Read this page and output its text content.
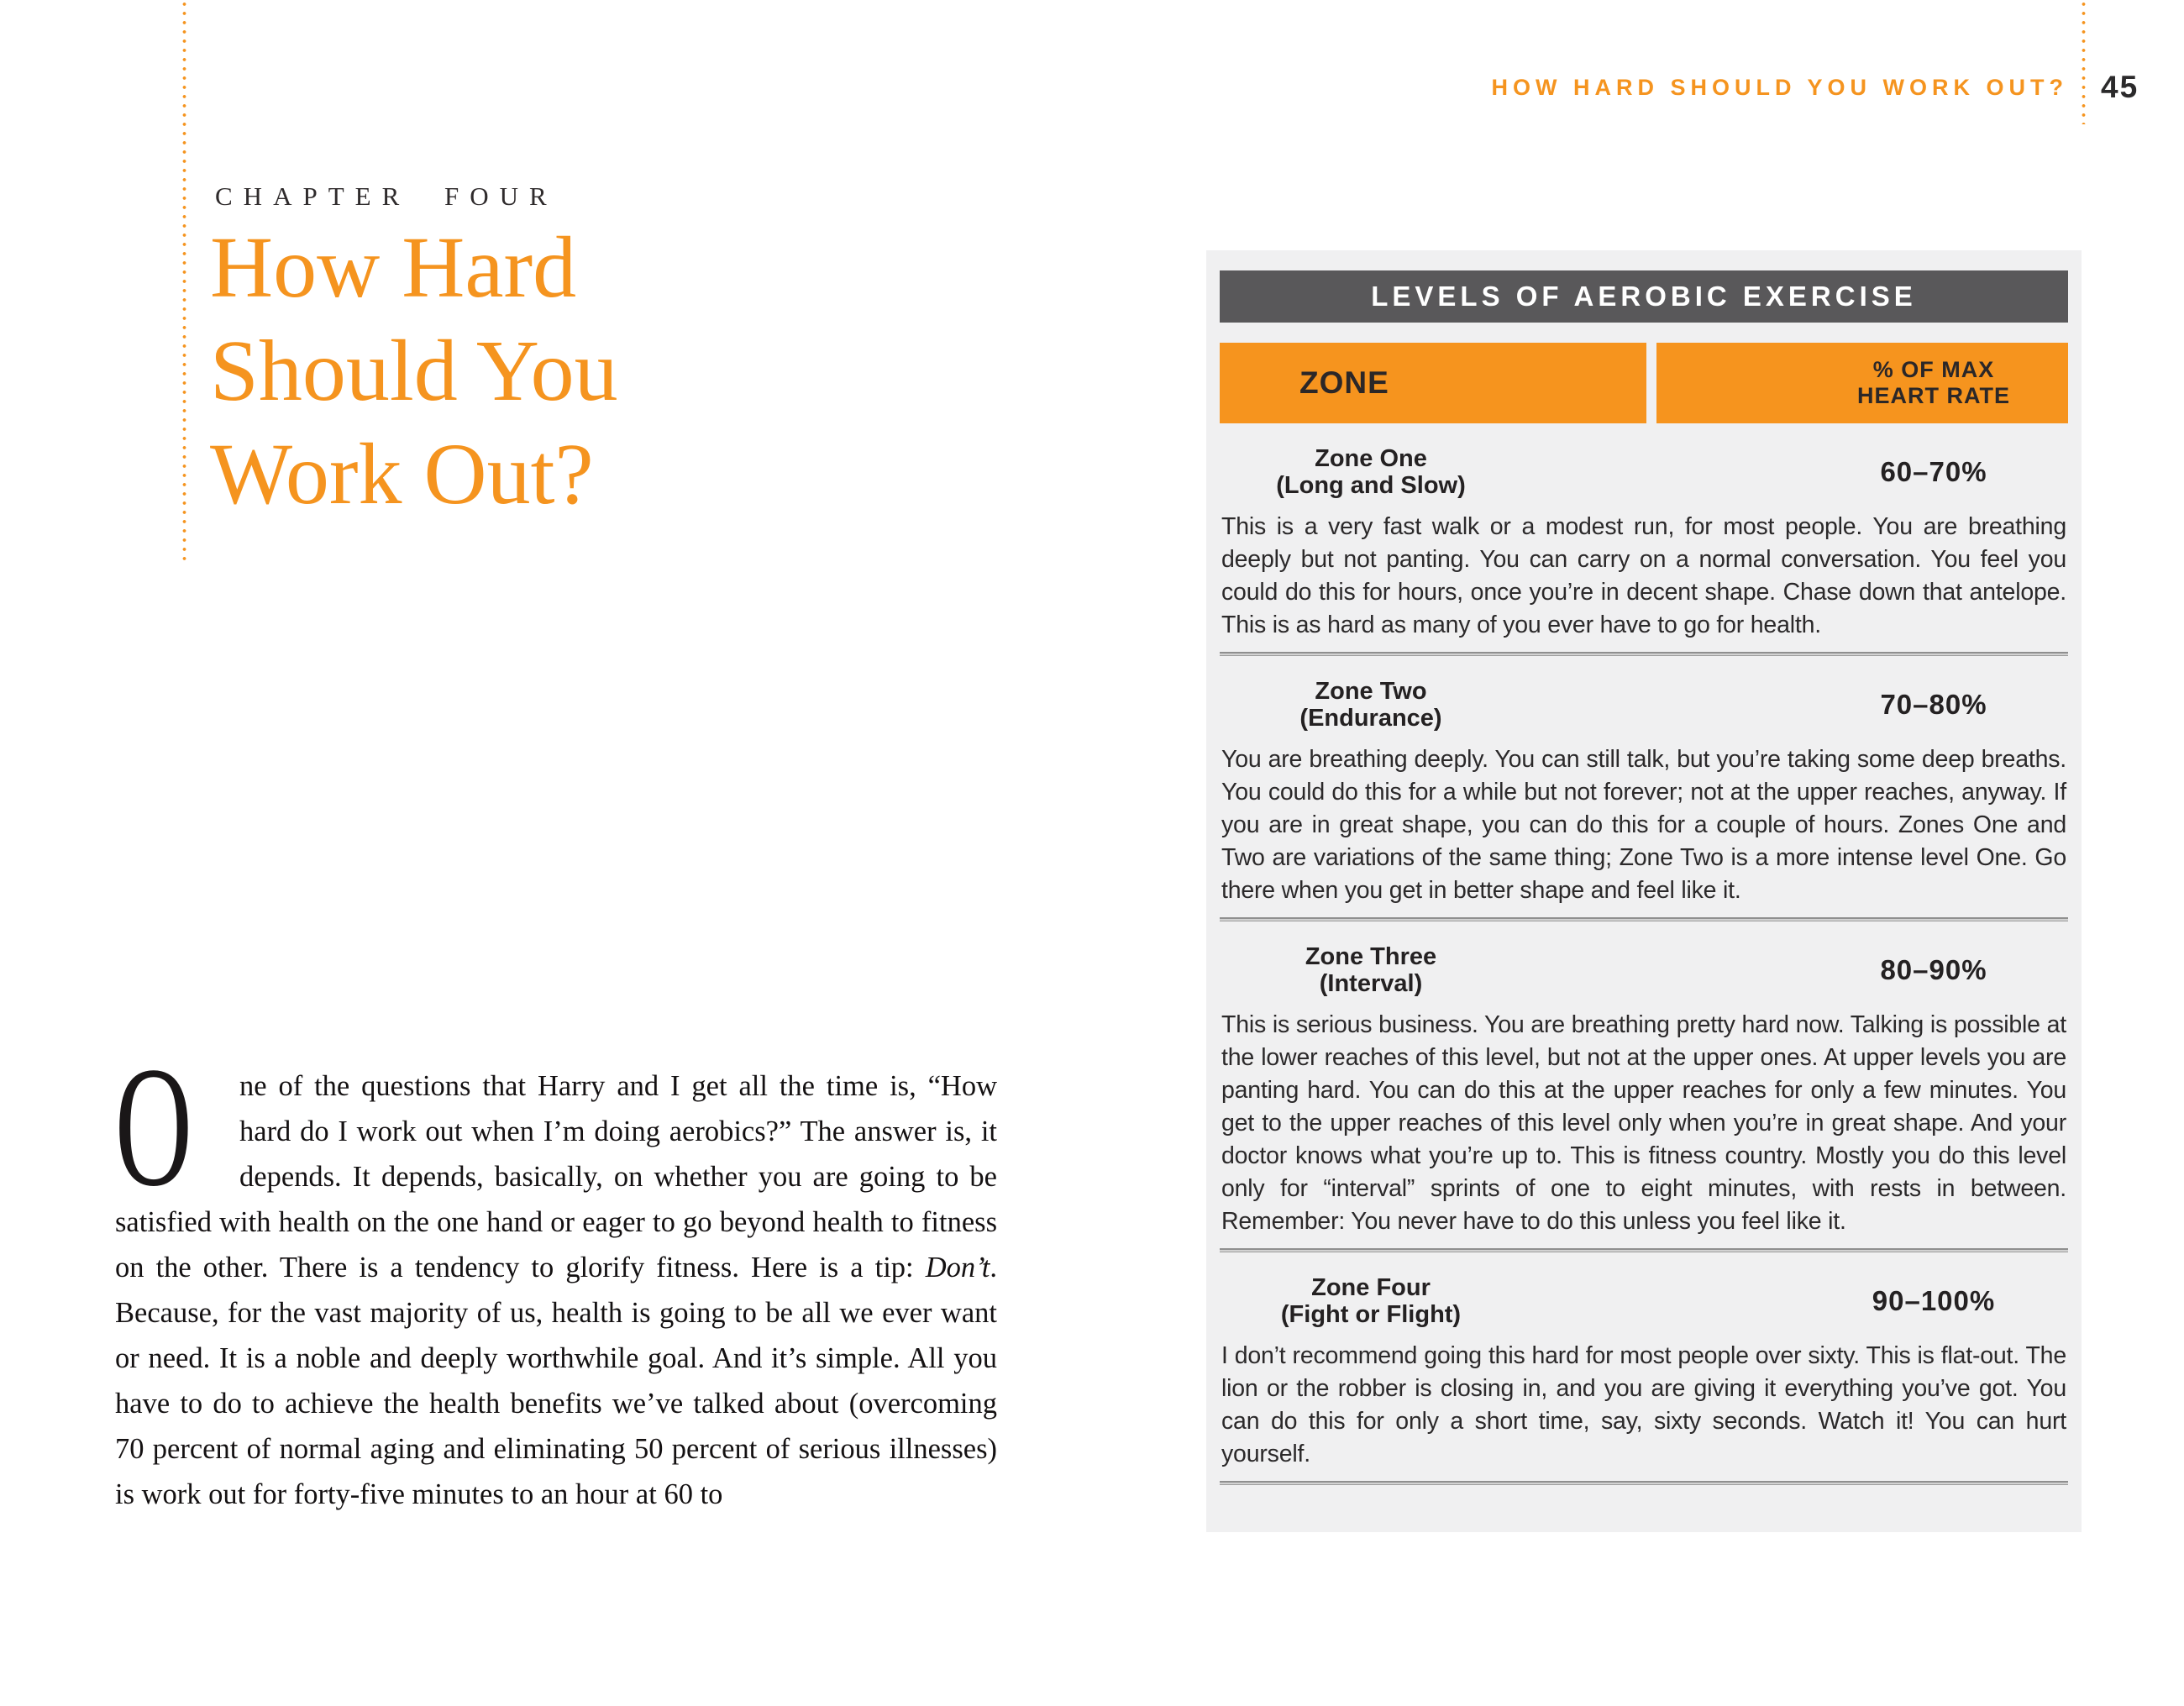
HOW HARD SHOULD YOU WORK OUT? 45
CHAPTER FOUR
How Hard
Should You
Work Out?
O ne of the questions that Harry and I get all the time is, “How hard do I work out when I’m doing aerobics?” The answer is, it depends. It depends, basically, on whether you are going to be satisfied with health on the one hand or eager to go beyond health to fitness on the other. There is a tendency to glorify fitness. Here is a tip: Don’t. Because, for the vast majority of us, health is going to be all we ever want or need. It is a noble and deeply worthwhile goal. And it’s simple. All you have to do to achieve the health benefits we’ve talked about (overcoming 70 percent of normal aging and eliminating 50 percent of serious illnesses) is work out for forty-five minutes to an hour at 60 to
LEVELS OF AEROBIC EXERCISE
ZONE	% OF MAX
HEART RATE
Zone One
(Long and Slow)	60–70%

This is a very fast walk or a modest run, for most people. You are breathing deeply but not panting. You can carry on a normal conversation. You feel you could do this for hours, once you’re in decent shape. Chase down that antelope. This is as hard as many of you ever have to go for health.

Zone Two
(Endurance)	70–80%

You are breathing deeply. You can still talk, but you’re taking some deep breaths. You could do this for a while but not forever; not at the upper reaches, anyway. If you are in great shape, you can do this for a couple of hours. Zones One and Two are variations of the same thing; Zone Two is a more intense level One. Go there when you get in better shape and feel like it.

Zone Three
(Interval)	80–90%

This is serious business. You are breathing pretty hard now. Talking is possible at the lower reaches of this level, but not at the upper ones. At upper levels you are panting hard. You can do this at the upper reaches for only a few minutes. You get to the upper reaches of this level only when you’re in great shape. And your doctor knows what you’re up to. This is fitness country. Mostly you do this level only for “interval” sprints of one to eight minutes, with rests in between. Remember: You never have to do this unless you feel like it.

Zone Four
(Fight or Flight)	90–100%

I don’t recommend going this hard for most people over sixty. This is flat-out. The lion or the robber is closing in, and you are giving it everything you’ve got. You can do this for only a short time, say, sixty seconds. Watch it! You can hurt yourself.
